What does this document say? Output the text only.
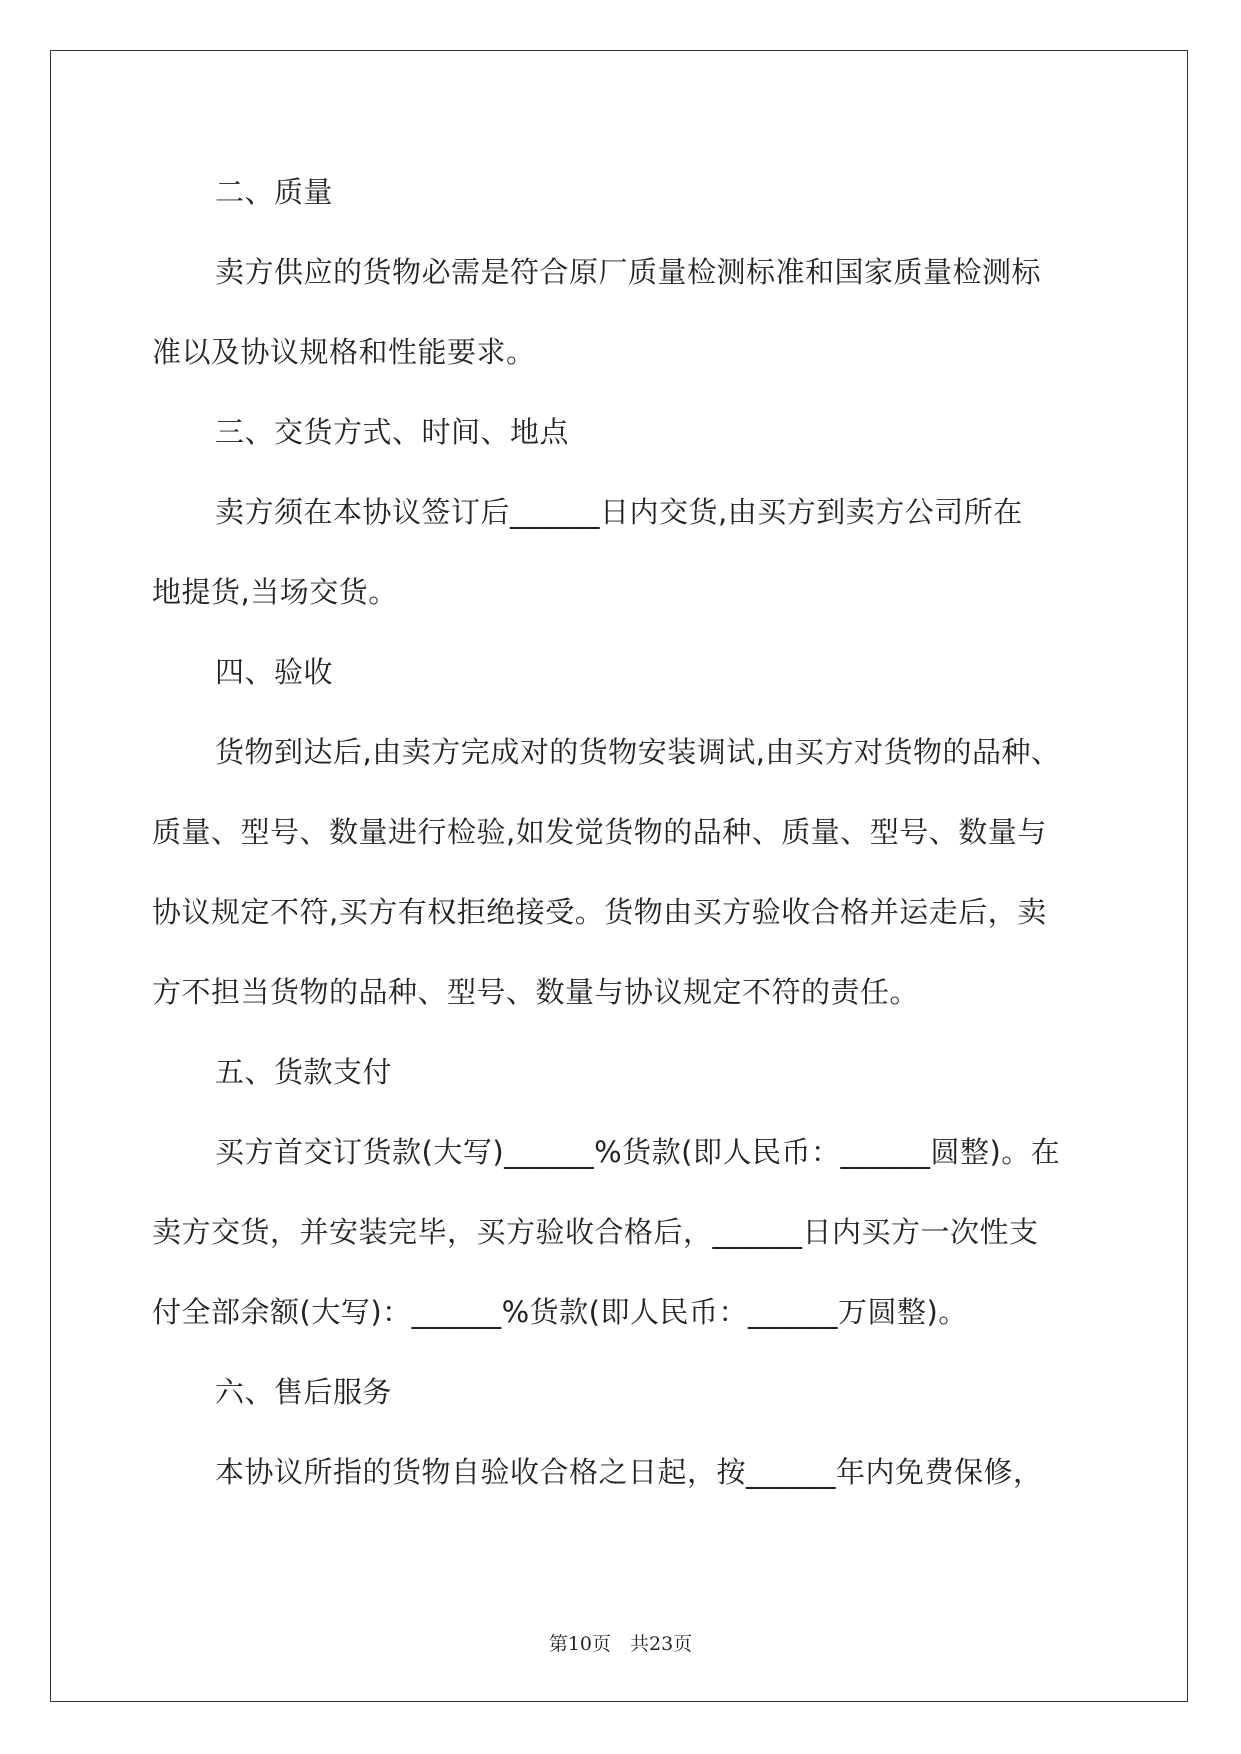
二、质量
卖方供应的货物必需是符合原厂质量检测标准和国家质量检测标
准以及协议规格和性能要求。
三、交货方式、时间、地点
卖方须在本协议签订后______日内交货,由买方到卖方公司所在
地提货,当场交货。
四、验收
货物到达后,由卖方完成对的货物安装调试,由买方对货物的品种、
质量、型号、数量进行检验,如发觉货物的品种、质量、型号、数量与
协议规定不符,买方有权拒绝接受。货物由买方验收合格并运走后，卖
方不担当货物的品种、型号、数量与协议规定不符的责任。
五、货款支付
买方首交订货款(大写)______%货款(即人民币：______圆整)。在
卖方交货，并安装完毕，买方验收合格后，______日内买方一次性支
付全部余额(大写)：______%货款(即人民币：______万圆整)。
六、售后服务
本协议所指的货物自验收合格之日起，按______年内免费保修，
第10页　共23页
